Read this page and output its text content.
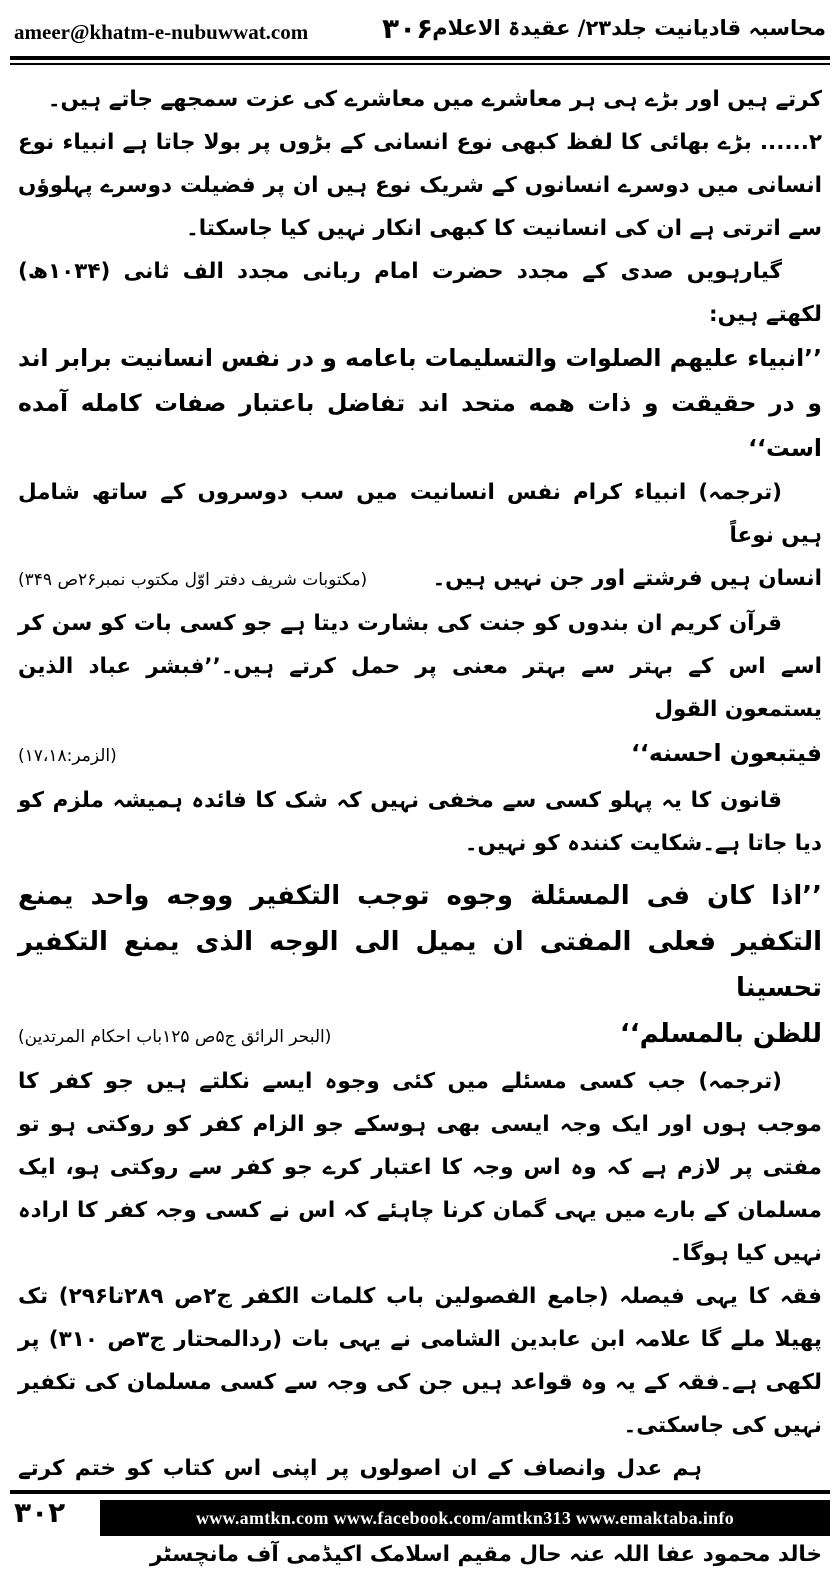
ameer@khatm-e-nubuwwat.com	۳۰۶
محاسبہ قادیانیت جلد۲۳/ عقیدۃ الاعلام

کرتے ہیں اور بڑے ہی ہر معاشرے میں معاشرے کی عزت سمجھے جاتے ہیں۔

۲...... بڑے بھائی کا لفظ کبھی نوع انسانی کے بڑوں پر بولا جاتا ہے انبیاء نوع انسانی میں دوسرے انسانوں کے شریک نوع ہیں ان پر فضیلت دوسرے پہلوؤں سے اترتی ہے ان کی انسانیت کا کبھی انکار نہیں کیا جاسکتا۔

گیارہویں صدی کے مجدد حضرت امام ربانی مجدد الف ثانی (۱۰۳۴ھ) لکھتے ہیں:

’’انبیاء علیهم الصلوات والتسلیمات باعامه و در نفس انسانیت برابر اند و در حقیقت و ذات همه متحد اند تفاضل باعتبار صفات کامله آمده است‘‘

(ترجمہ) انبیاء کرام نفس انسانیت میں سب دوسروں کے ساتھ شامل ہیں نوعاً

انسان ہیں فرشتے اور جن نہیں ہیں۔
(مکتوبات شریف دفتر اوّل مکتوب نمبر۲۶ص ۳۴۹)

قرآن کریم ان بندوں کو جنت کی بشارت دیتا ہے جو کسی بات کو سن کر اسے اس کے بہتر سے بہتر معنی پر حمل کرتے ہیں۔’’فبشر عباد الذین یستمعون القول

فیتبعون احسنه‘‘
(الزمر:۱۷،۱۸)

قانون کا یہ پہلو کسی سے مخفی نہیں کہ شک کا فائدہ ہمیشہ ملزم کو دیا جاتا ہے۔شکایت کنندہ کو نہیں۔

’’اذا کان فی المسئلة وجوه توجب التکفیر ووجه واحد یمنع التکفیر فعلی المفتی ان یمیل الی الوجه الذی یمنع التکفیر تحسینا

للظن بالمسلم‘‘
(البحر الرائق ج۵ص ۱۲۵باب احکام المرتدین)

(ترجمہ) جب کسی مسئلے میں کئی وجوہ ایسے نکلتے ہیں جو کفر کا موجب ہوں اور ایک وجہ ایسی بھی ہوسکے جو الزام کفر کو روکتی ہو تو مفتی پر لازم ہے کہ وہ اس وجہ کا اعتبار کرے جو کفر سے روکتی ہو، ایک مسلمان کے بارے میں یہی گمان کرنا چاہئے کہ اس نے کسی وجہ کفر کا ارادہ نہیں کیا ہوگا۔

فقہ کا یہی فیصلہ (جامع الفصولین باب کلمات الکفر ج۲ص ۲۸۹تا۲۹۶) تک پھیلا ملے گا علامہ ابن عابدین الشامی نے یہی بات (ردالمحتار ج۳ص ۳۱۰) پر لکھی ہے۔فقہ کے یہ وہ قواعد ہیں جن کی وجہ سے کسی مسلمان کی تکفیر نہیں کی جاسکتی۔

ہم عدل وانصاف کے ان اصولوں پر اپنی اس کتاب کو ختم کرتے

خالد محمود عفا اللہ عنہ حال مقیم اسلامک اکیڈمی آف مانچسٹر

۳۰۲	www.amtkn.com www.facebook.com/amtkn313 www.emaktaba.info
